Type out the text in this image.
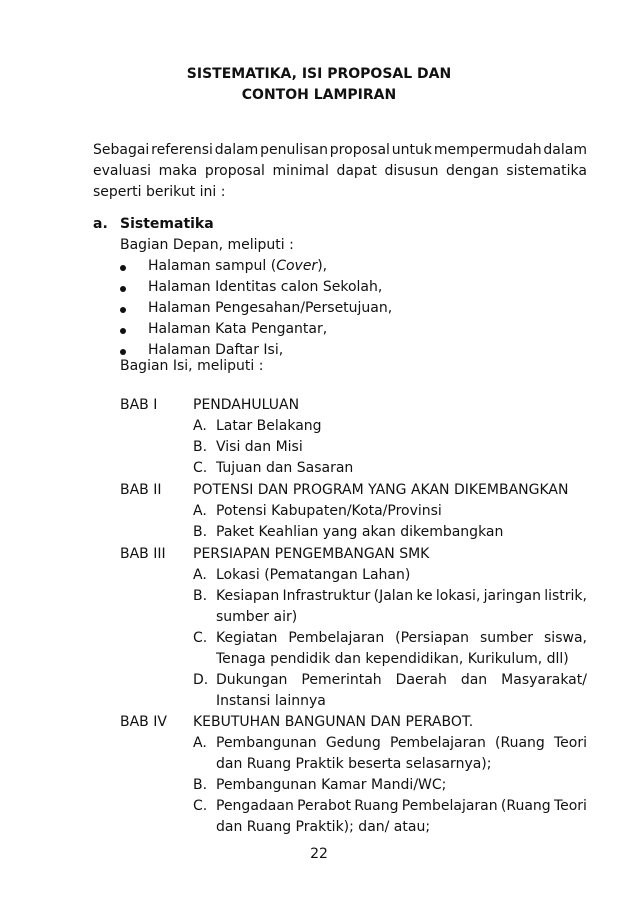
SISTEMATIKA, ISI PROPOSAL DAN
CONTOH LAMPIRAN
Sebagai referensi dalam penulisan proposal untuk mempermudah dalam
evaluasi maka proposal minimal dapat disusun dengan sistematika
seperti berikut ini :
a. Sistematika
Bagian Depan, meliputi :
Bagian Isi, meliputi :
22
Halaman sampul (Cover),
Halaman Identitas calon Sekolah,
Halaman Pengesahan/Persetujuan,
Halaman Kata Pengantar,
Halaman Daftar Isi,
BAB I	PENDAHULUAN
A. Latar Belakang
B. Visi dan Misi
C. Tujuan dan Sasaran
BAB II POTENSI DAN PROGRAM YANG AKAN DIKEMBANGKAN
A. Potensi Kabupaten/Kota/Provinsi
B. Paket Keahlian yang akan dikembangkan
BAB III PERSIAPAN PENGEMBANGAN SMK
A. Lokasi (Pematangan Lahan)
B. Kesiapan Infrastruktur (Jalan ke lokasi, jaringan listrik,
sumber air)
C. Kegiatan Pembelajaran (Persiapan sumber siswa,
Tenaga pendidik dan kependidikan, Kurikulum, dll)
D. Dukungan Pemerintah Daerah dan Masyarakat/
Instansi lainnya
BAB IV KEBUTUHAN BANGUNAN DAN PERABOT.
A. Pembangunan Gedung Pembelajaran (Ruang Teori
dan Ruang Praktik beserta selasarnya);
B. Pembangunan Kamar Mandi/WC;
C. Pengadaan Perabot Ruang Pembelajaran (Ruang Teori
dan Ruang Praktik); dan/ atau;
